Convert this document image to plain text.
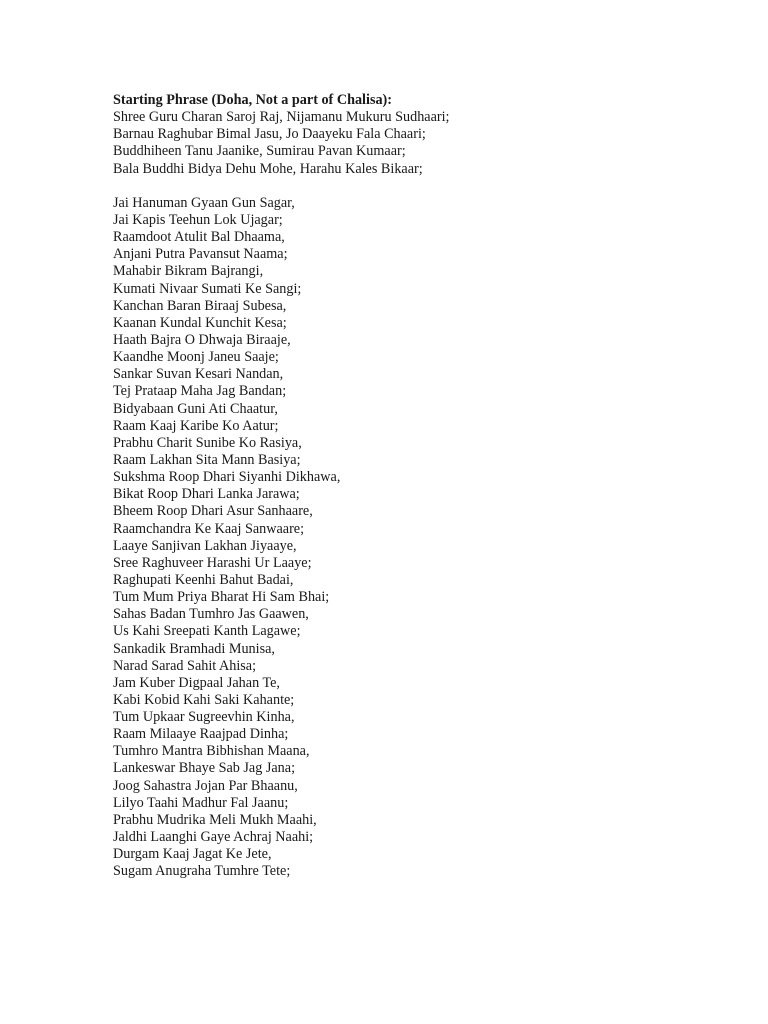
Starting Phrase (Doha, Not a part of Chalisa):
Shree Guru Charan Saroj Raj, Nijamanu Mukuru Sudhaari;
Barnau Raghubar Bimal Jasu, Jo Daayeku Fala Chaari;
Buddhiheen Tanu Jaanike, Sumirau Pavan Kumaar;
Bala Buddhi Bidya Dehu Mohe, Harahu Kales Bikaar;
Jai Hanuman Gyaan Gun Sagar,
Jai Kapis Teehun Lok Ujagar;
Raamdoot Atulit Bal Dhaama,
Anjani Putra Pavansut Naama;
Mahabir Bikram Bajrangi,
Kumati Nivaar Sumati Ke Sangi;
Kanchan Baran Biraaj Subesa,
Kaanan Kundal Kunchit Kesa;
Haath Bajra O Dhwaja Biraaje,
Kaandhe Moonj Janeu Saaje;
Sankar Suvan Kesari Nandan,
Tej Prataap Maha Jag Bandan;
Bidyabaan Guni Ati Chaatur,
Raam Kaaj Karibe Ko Aatur;
Prabhu Charit Sunibe Ko Rasiya,
Raam Lakhan Sita Mann Basiya;
Sukshma Roop Dhari Siyanhi Dikhawa,
Bikat Roop Dhari Lanka Jarawa;
Bheem Roop Dhari Asur Sanhaare,
Raamchandra Ke Kaaj Sanwaare;
Laaye Sanjivan Lakhan Jiyaaye,
Sree Raghuveer Harashi Ur Laaye;
Raghupati Keenhi Bahut Badai,
Tum Mum Priya Bharat Hi Sam Bhai;
Sahas Badan Tumhro Jas Gaawen,
Us Kahi Sreepati Kanth Lagawe;
Sankadik Bramhadi Munisa,
Narad Sarad Sahit Ahisa;
Jam Kuber Digpaal Jahan Te,
Kabi Kobid Kahi Saki Kahante;
Tum Upkaar Sugreevhin Kinha,
Raam Milaaye Raajpad Dinha;
Tumhro Mantra Bibhishan Maana,
Lankeswar Bhaye Sab Jag Jana;
Joog Sahastra Jojan Par Bhaanu,
Lilyo Taahi Madhur Fal Jaanu;
Prabhu Mudrika Meli Mukh Maahi,
Jaldhi Laanghi Gaye Achraj Naahi;
Durgam Kaaj Jagat Ke Jete,
Sugam Anugraha Tumhre Tete;
